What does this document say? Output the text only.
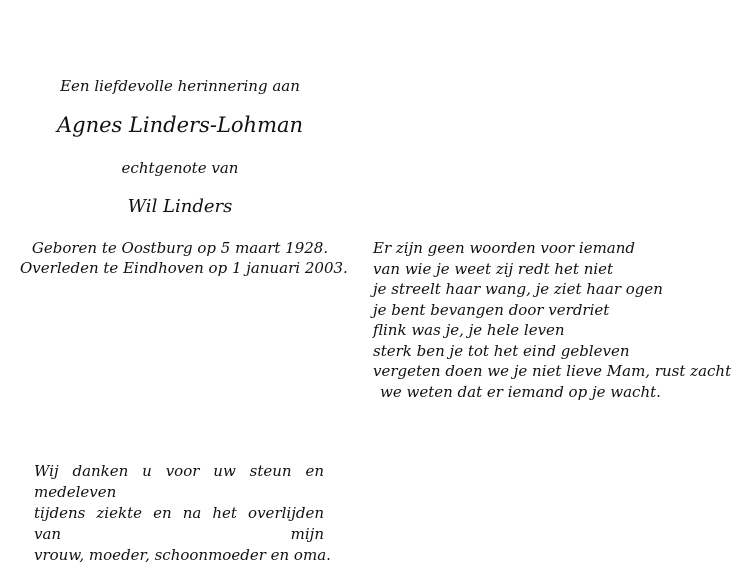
Een liefdevolle herinnering aan
Agnes Linders-Lohman
echtgenote van
Wil Linders
Geboren te Oostburg op 5 maart 1928.
Overleden te Eindhoven op 1 januari 2003.
Er zijn geen woorden voor iemand
van wie je weet zij redt het niet
je streelt haar wang, je ziet haar ogen
je bent bevangen door verdriet
flink was je, je hele leven
sterk ben je tot het eind gebleven
vergeten doen we je niet lieve Mam, rust zacht
we weten dat er iemand op je wacht.
Wij danken u voor uw steun en medeleven
tijdens ziekte en na het overlijden van mijn
vrouw, moeder, schoonmoeder en oma.
